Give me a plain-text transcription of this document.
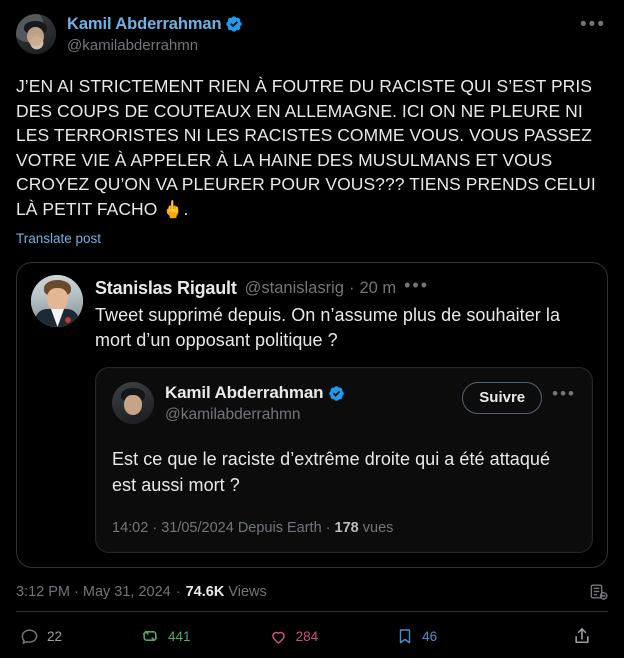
Kamil Abderrahman
@kamilabderrahmn
•••
J’EN AI STRICTEMENT RIEN À FOUTRE DU RACISTE QUI S’EST PRIS DES COUPS DE COUTEAUX EN ALLEMAGNE. ICI ON NE PLEURE NI LES TERRORISTES NI LES RACISTES COMME VOUS. VOUS PASSEZ VOTRE VIE À APPELER À LA HAINE DES MUSULMANS ET VOUS CROYEZ QU’ON VA PLEURER POUR VOUS??? TIENS PRENDS CELUI LÀ PETIT FACHO 🖕.
Translate post
Stanislas Rigault @stanislasrig · 20 m •••
Tweet supprimé depuis. On n’assume plus de souhaiter la mort d’un opposant politique ?
Kamil Abderrahman
@kamilabderrahmn
Suivre	•••
Est ce que le raciste d’extrême droite qui a été attaqué est aussi mort ?
14:02 · 31/05/2024 Depuis Earth · 178 vues
3:12 PM · May 31, 2024 · 74.6K Views
22	441	284	46
